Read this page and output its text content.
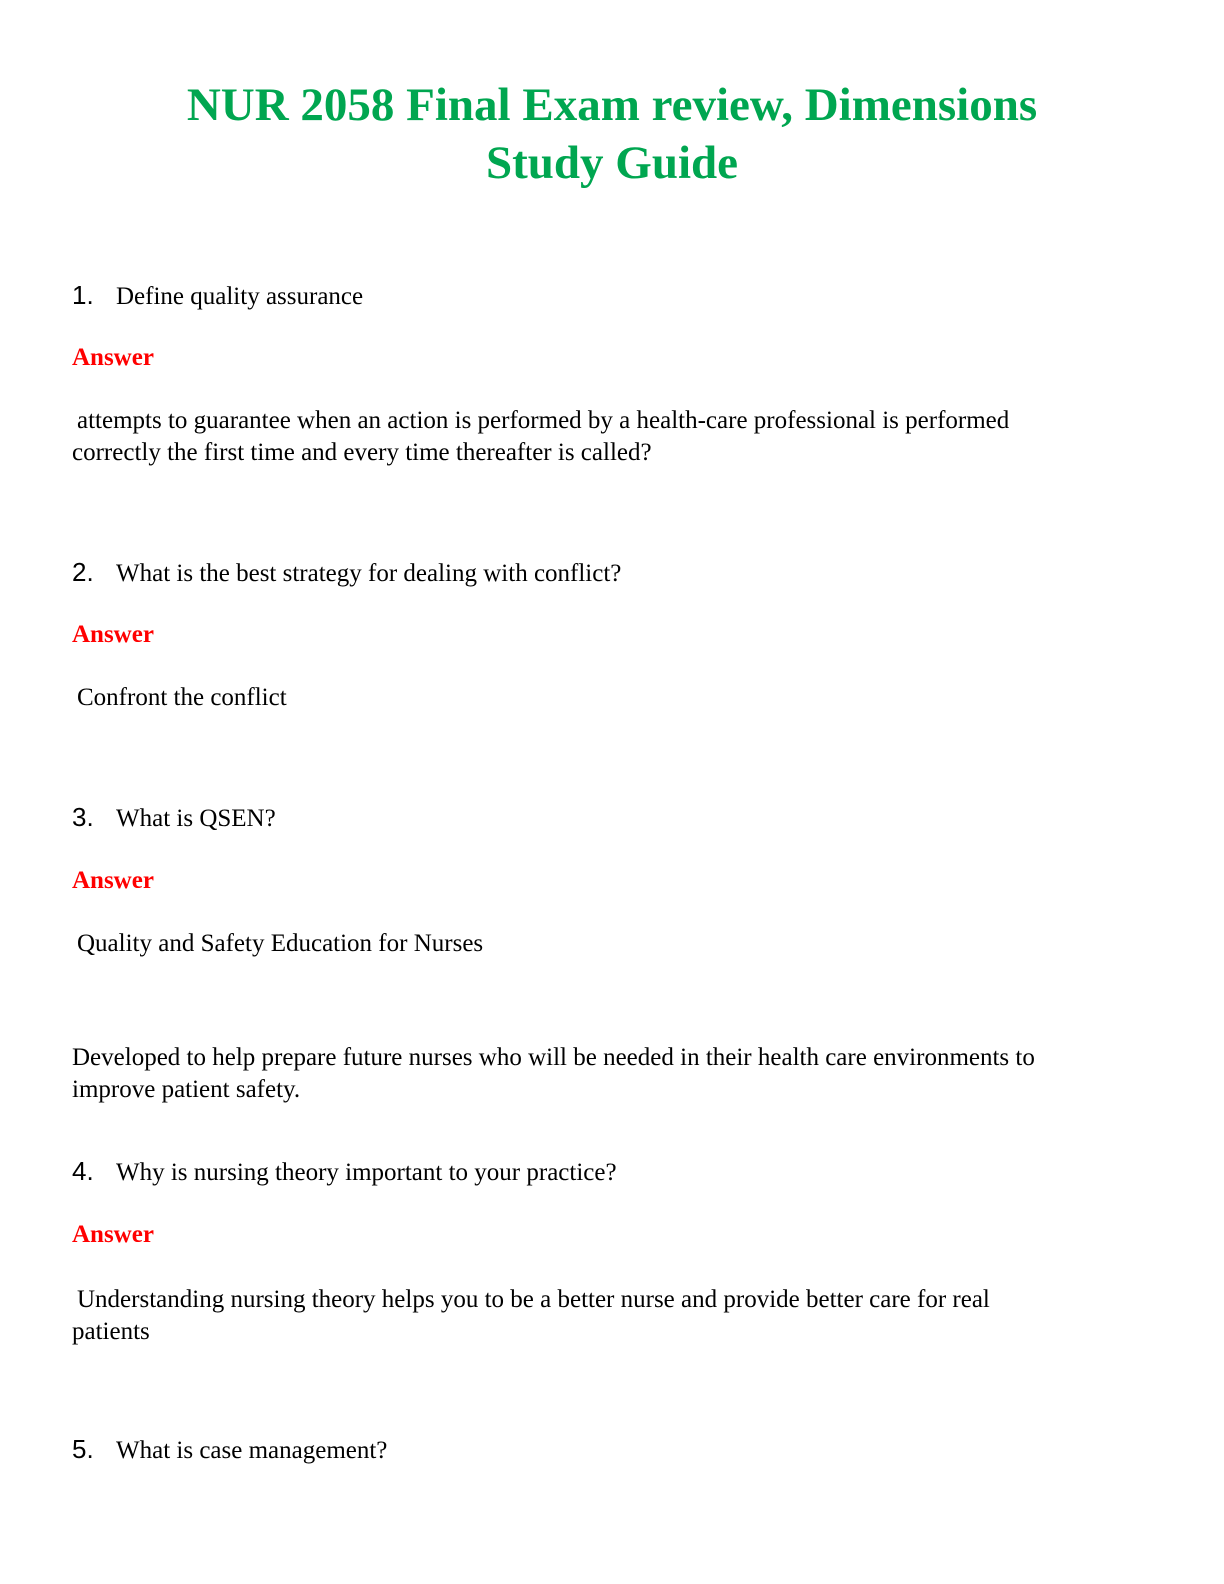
NUR 2058 Final Exam review, Dimensions
Study Guide
1. Define quality assurance
Answer
attempts to guarantee when an action is performed by a health-care professional is performed
correctly the first time and every time thereafter is called?
2. What is the best strategy for dealing with conflict?
Answer
Confront the conflict
3. What is QSEN?
Answer
Quality and Safety Education for Nurses
Developed to help prepare future nurses who will be needed in their health care environments to
improve patient safety.
4. Why is nursing theory important to your practice?
Answer
Understanding nursing theory helps you to be a better nurse and provide better care for real
patients
5. What is case management?
